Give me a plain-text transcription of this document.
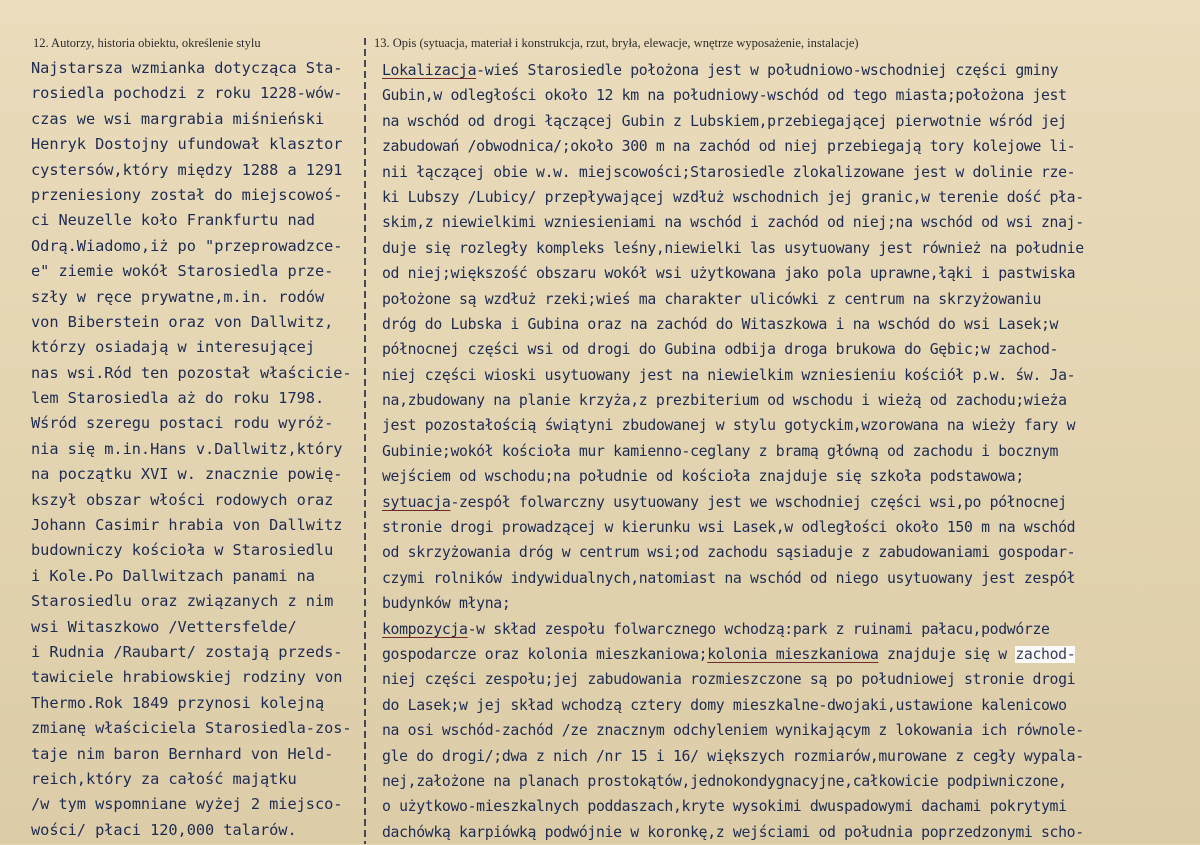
12. Autorzy, historia obiektu, określenie stylu
Najstarsza wzmianka dotycząca Sta-
rosiedla pochodzi z roku 1228-wów-
czas we wsi margrabia miśnieński
Henryk Dostojny ufundował klasztor
cystersów,który między 1288 a 1291
przeniesiony został do miejscowoś-
ci Neuzelle koło Frankfurtu nad
Odrą.Wiadomo,iż po "przeprowadzce-
e" ziemie wokół Starosiedla prze-
szły w ręce prywatne,m.in. rodów
von Biberstein oraz von Dallwitz,
którzy osiadają w interesującej
nas wsi.Ród ten pozostał właścicie-
lem Starosiedla aż do roku 1798.
Wśród szeregu postaci rodu wyróż-
nia się m.in.Hans v.Dallwitz,który
na początku XVI w. znacznie powię-
kszył obszar włości rodowych oraz
Johann Casimir hrabia von Dallwitz
budowniczy kościoła w Starosiedlu
i Kole.Po Dallwitzach panami na
Starosiedlu oraz związanych z nim
wsi Witaszkowo /Vettersfelde/
i Rudnia /Raubart/ zostają przeds-
tawiciele hrabiowskiej rodziny von
Thermo.Rok 1849 przynosi kolejną
zmianę właściciela Starosiedla-zos-
taje nim baron Bernhard von Held-
reich,który za całość majątku
/w tym wspomniane wyżej 2 miejsco-
wości/ płaci 120,000 talarów.
13. Opis (sytuacja, materiał i konstrukcja, rzut, bryła, elewacje, wnętrze wyposażenie, instalacje)
Lokalizacja-wieś Starosiedle położona jest w południowo-wschodniej części gminy
Gubin,w odległości około 12 km na południowy-wschód od tego miasta;położona jest
na wschód od drogi łączącej Gubin z Lubskiem,przebiegającej pierwotnie wśród jej
zabudowań /obwodnica/;około 300 m na zachód od niej przebiegają tory kolejowe li-
nii łączącej obie w.w. miejscowości;Starosiedle zlokalizowane jest w dolinie rze-
ki Lubszy /Lubicy/ przepływającej wzdłuż wschodnich jej granic,w terenie dość pła-
skim,z niewielkimi wzniesieniami na wschód i zachód od niej;na wschód od wsi znaj-
duje się rozległy kompleks leśny,niewielki las usytuowany jest również na południe
od niej;większość obszaru wokół wsi użytkowana jako pola uprawne,łąki i pastwiska
położone są wzdłuż rzeki;wieś ma charakter ulicówki z centrum na skrzyżowaniu
dróg do Lubska i Gubina oraz na zachód do Witaszkowa i na wschód do wsi Lasek;w
północnej części wsi od drogi do Gubina odbija droga brukowa do Gębic;w zachod-
niej części wioski usytuowany jest na niewielkim wzniesieniu kościół p.w. św. Ja-
na,zbudowany na planie krzyża,z prezbiterium od wschodu i wieżą od zachodu;wieża
jest pozostałością świątyni zbudowanej w stylu gotyckim,wzorowana na wieży fary w
Gubinie;wokół kościoła mur kamienno-ceglany z bramą główną od zachodu i bocznym
wejściem od wschodu;na południe od kościoła znajduje się szkoła podstawowa;
sytuacja-zespół folwarczny usytuowany jest we wschodniej części wsi,po północnej
stronie drogi prowadzącej w kierunku wsi Lasek,w odległości około 150 m na wschód
od skrzyżowania dróg w centrum wsi;od zachodu sąsiaduje z zabudowaniami gospodar-
czymi rolników indywidualnych,natomiast na wschód od niego usytuowany jest zespół
budynków młyna;
kompozycja-w skład zespołu folwarcznego wchodzą:park z ruinami pałacu,podwórze
gospodarcze oraz kolonia mieszkaniowa;kolonia mieszkaniowa znajduje się w zachod-
niej części zespołu;jej zabudowania rozmieszczone są po południowej stronie drogi
do Lasek;w jej skład wchodzą cztery domy mieszkalne-dwojaki,ustawione kalenicowo
na osi wschód-zachód /ze znacznym odchyleniem wynikającym z lokowania ich równole-
gle do drogi/;dwa z nich /nr 15 i 16/ większych rozmiarów,murowane z cegły wypala-
nej,założone na planach prostokątów,jednokondygnacyjne,całkowicie podpiwniczone,
o użytkowo-mieszkalnych poddaszach,kryte wysokimi dwuspadowymi dachami pokrytymi
dachówką karpiówką podwójnie w koronkę,z wejściami od południa poprzedzonymi scho-
